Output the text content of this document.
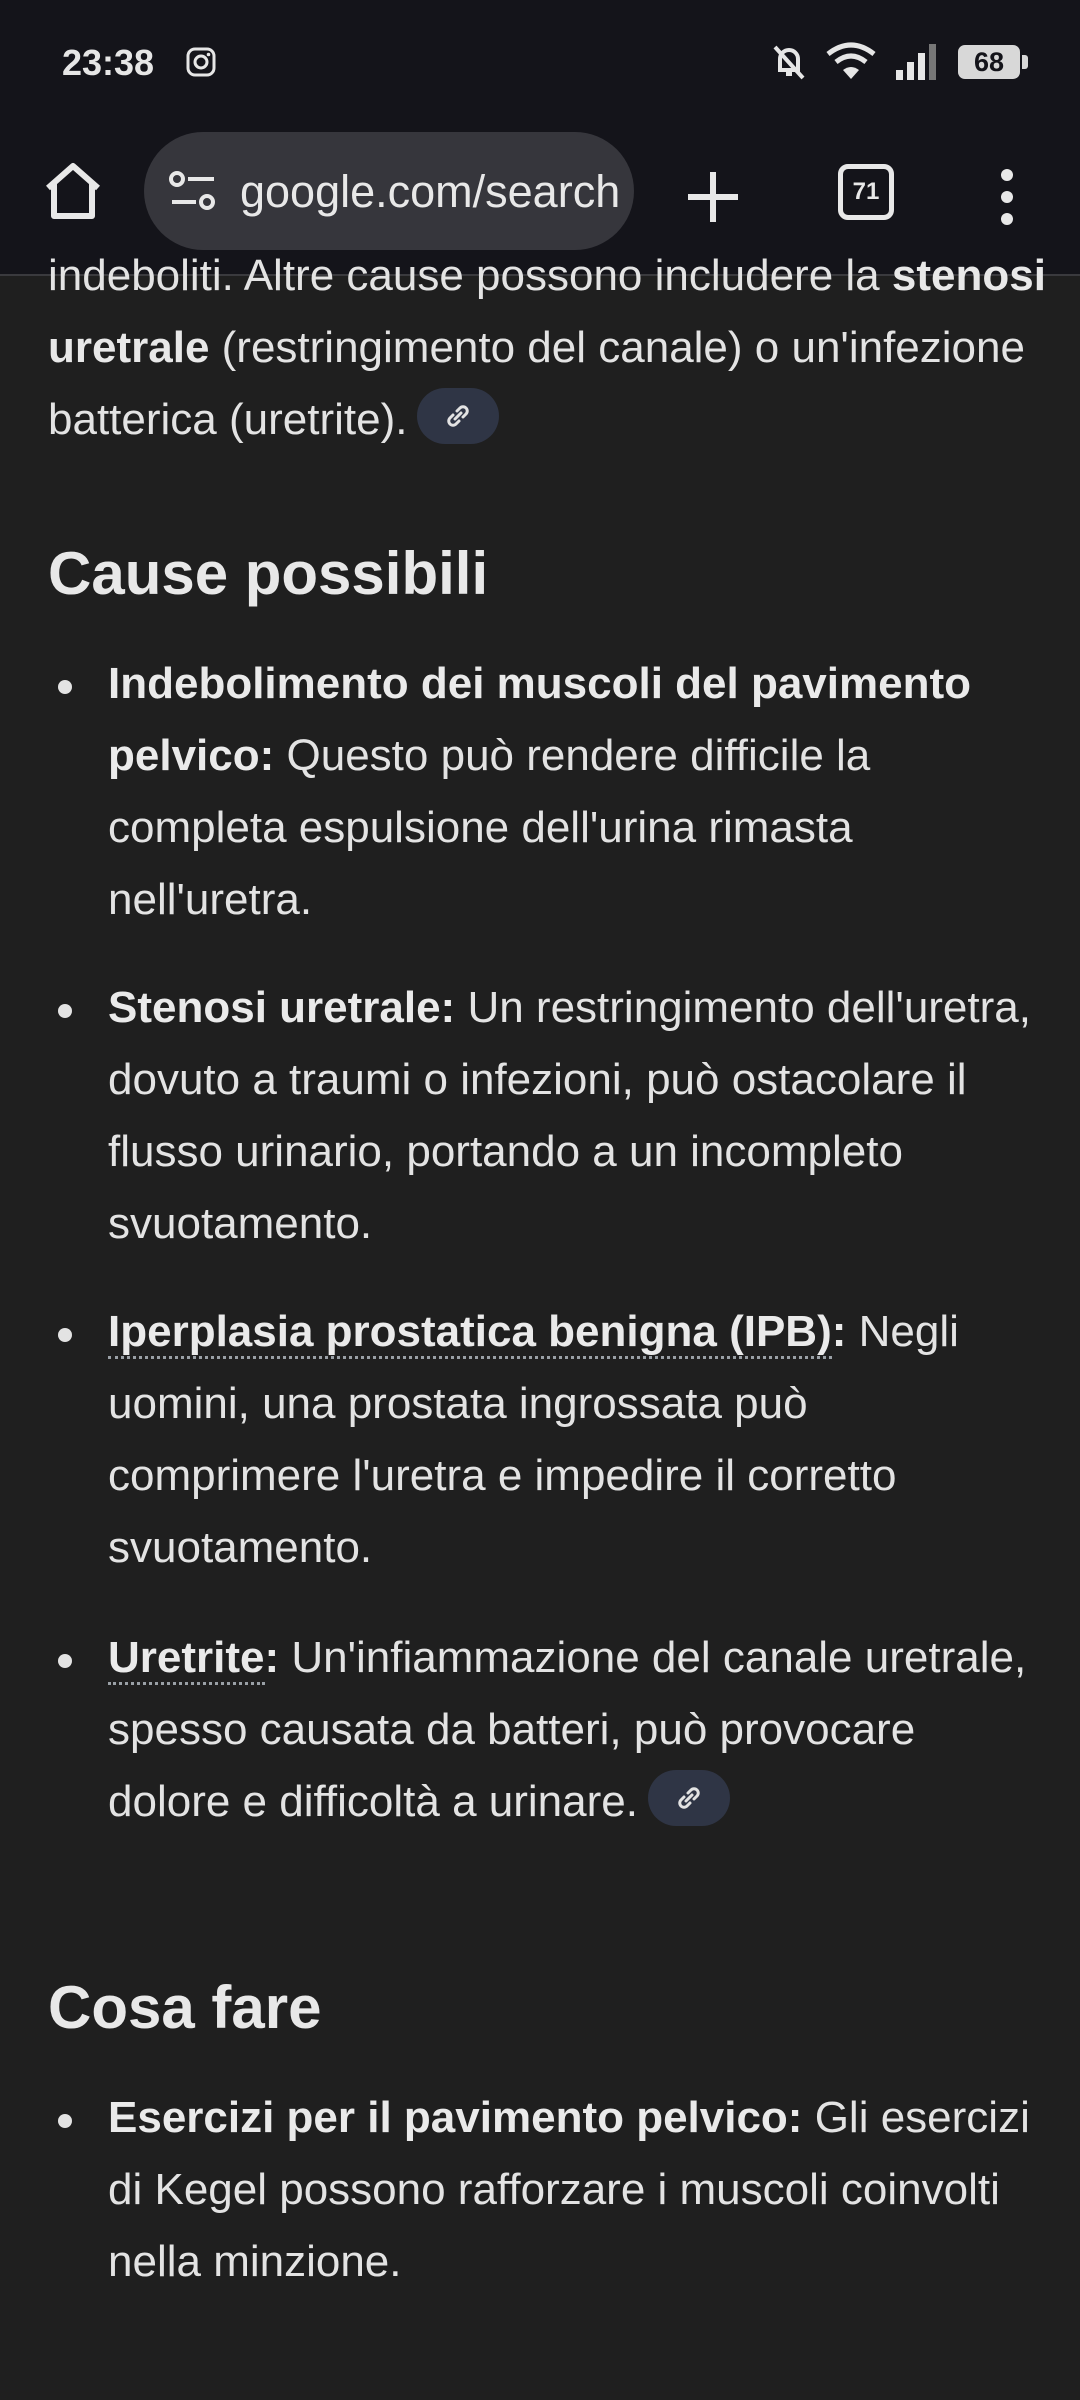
23:38	68
google.com/search	71
indeboliti. Altre cause possono includere la stenosi uretrale (restringimento del canale) o un'infezione batterica (uretrite).
Cause possibili
Indebolimento dei muscoli del pavimento pelvico: Questo può rendere difficile la completa espulsione dell'urina rimasta nell'uretra.
Stenosi uretrale: Un restringimento dell'uretra, dovuto a traumi o infezioni, può ostacolare il flusso urinario, portando a un incompleto svuotamento.
Iperplasia prostatica benigna (IPB): Negli uomini, una prostata ingrossata può comprimere l'uretra e impedire il corretto svuotamento.
Uretrite: Un'infiammazione del canale uretrale, spesso causata da batteri, può provocare dolore e difficoltà a urinare.
Cosa fare
Esercizi per il pavimento pelvico: Gli esercizi di Kegel possono rafforzare i muscoli coinvolti nella minzione.
